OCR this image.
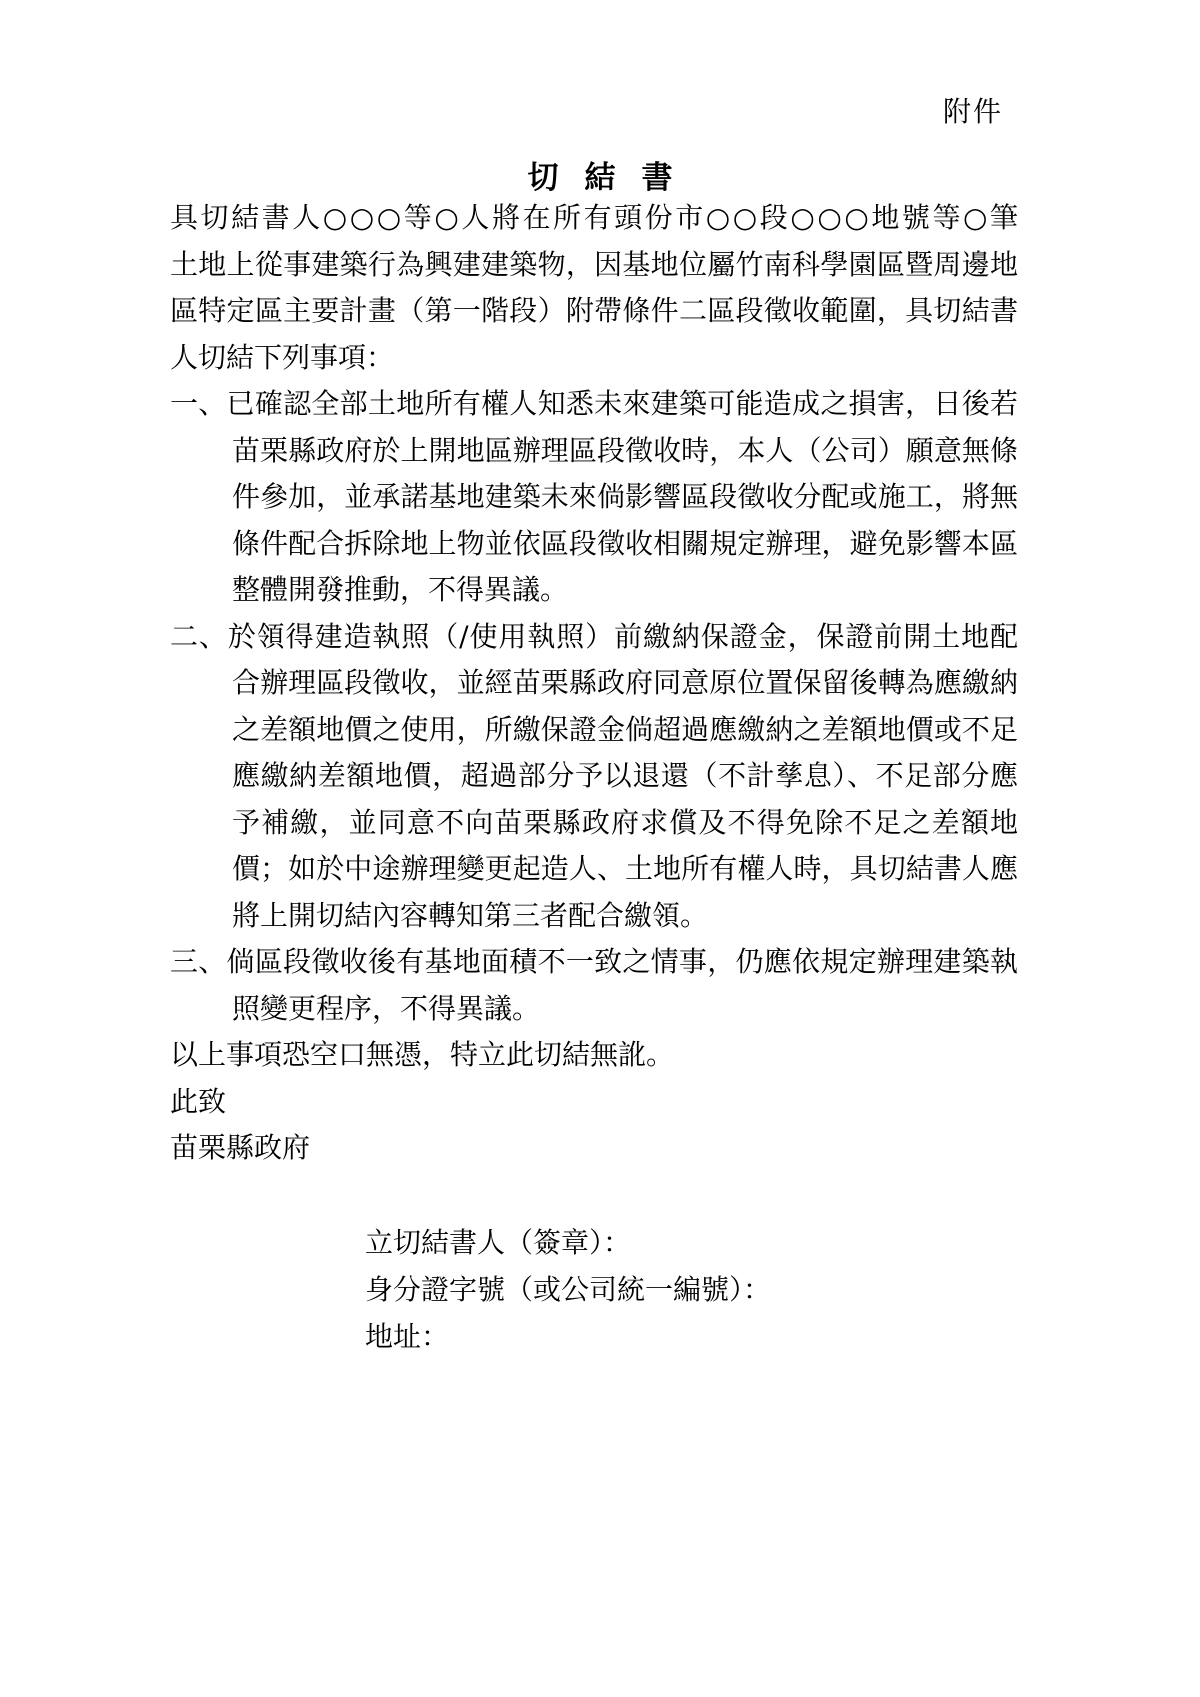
附件
切結書
具切結書人○○○等○人將在所有頭份市○○段○○○地號等○筆
土地上從事建築行為興建建築物，因基地位屬竹南科學園區暨周邊地
區特定區主要計畫（第一階段）附帶條件二區段徵收範圍，具切結書
人切結下列事項：
一、已確認全部土地所有權人知悉未來建築可能造成之損害，日後若
苗栗縣政府於上開地區辦理區段徵收時，本人（公司）願意無條
件參加，並承諾基地建築未來倘影響區段徵收分配或施工，將無
條件配合拆除地上物並依區段徵收相關規定辦理，避免影響本區
整體開發推動，不得異議。
二、於領得建造執照（/使用執照）前繳納保證金，保證前開土地配
合辦理區段徵收，並經苗栗縣政府同意原位置保留後轉為應繳納
之差額地價之使用，所繳保證金倘超過應繳納之差額地價或不足
應繳納差額地價，超過部分予以退還（不計孳息）、不足部分應
予補繳，並同意不向苗栗縣政府求償及不得免除不足之差額地
價；如於中途辦理變更起造人、土地所有權人時，具切結書人應
將上開切結內容轉知第三者配合繳領。
三、倘區段徵收後有基地面積不一致之情事，仍應依規定辦理建築執
照變更程序，不得異議。
以上事項恐空口無憑，特立此切結無訛。
此致
苗栗縣政府
立切結書人（簽章）：
身分證字號（或公司統一編號）：
地址：
